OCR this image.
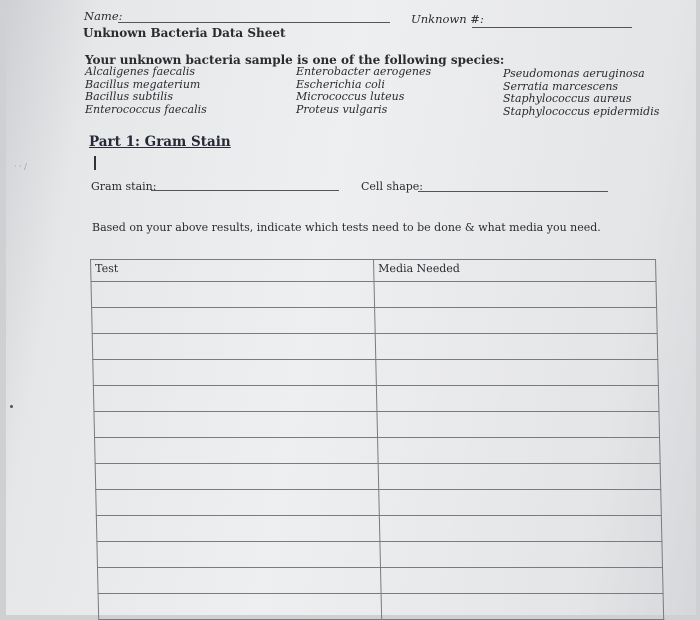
Name:	Unknown #:
Unknown Bacteria Data Sheet
Your unknown bacteria sample is one of the following species:
Alcaligenes faecalis
Bacillus megaterium
Bacillus subtilis
Enterococcus faecalis
Enterobacter aerogenes
Escherichia coli
Micrococcus luteus
Proteus vulgaris
Pseudomonas aeruginosa
Serratia marcescens
Staphylococcus aureus
Staphylococcus epidermidis
Part 1: Gram Stain
Gram stain:	Cell shape:
Based on your above results, indicate which tests need to be done & what media you need.
Test	Media Needed

· · /
